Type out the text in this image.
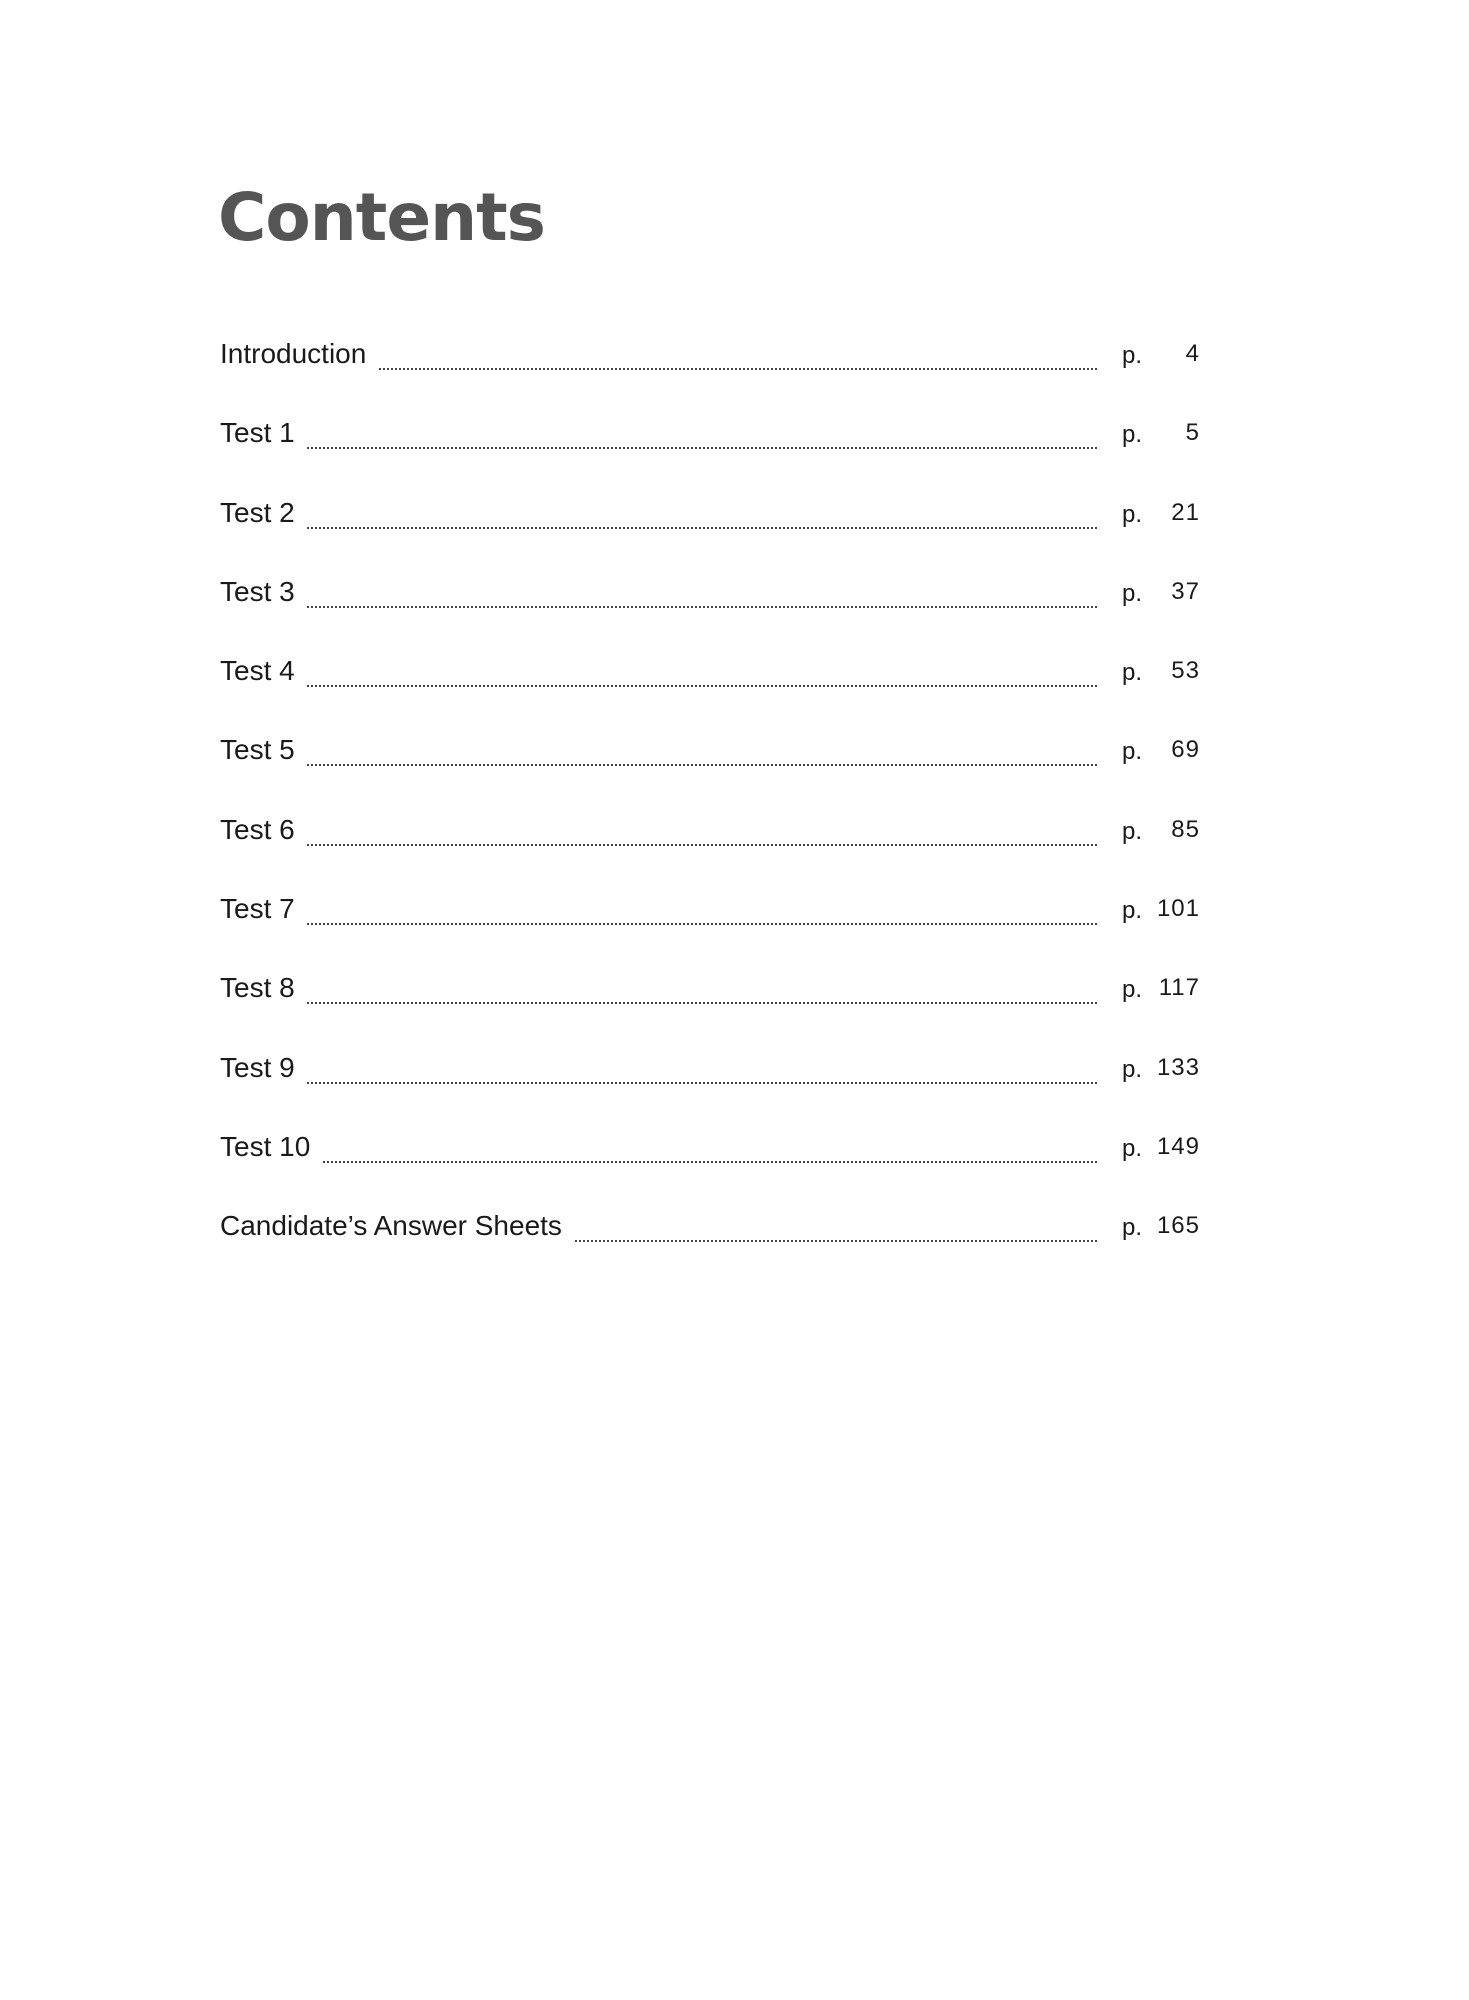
Contents
Introduction	p. 4
Test 1	p. 5
Test 2	p. 21
Test 3	p. 37
Test 4	p. 53
Test 5	p. 69
Test 6	p. 85
Test 7	p. 101
Test 8	p. 117
Test 9	p. 133
Test 10	p. 149
Candidate’s Answer Sheets	p. 165
